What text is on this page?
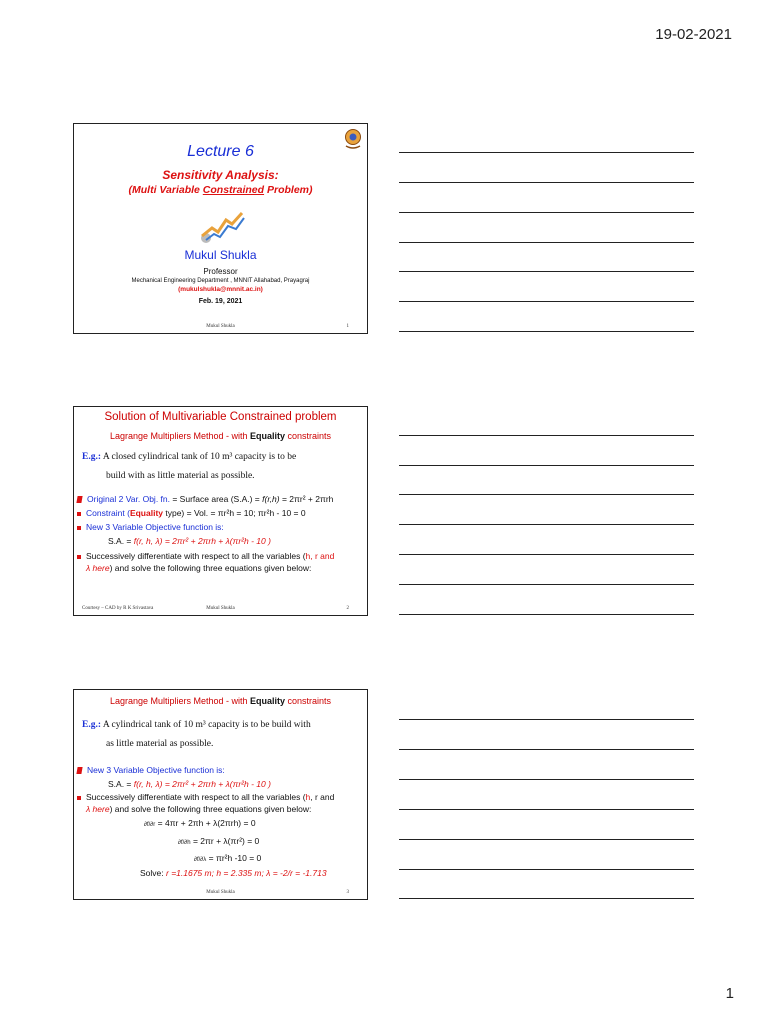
19-02-2021
Lecture 6
Sensitivity Analysis:
(Multi Variable Constrained Problem)
Mukul Shukla
Professor
Mechanical Engineering Department , MNNIT Allahabad, Prayagraj
(mukulshukla@mnnit.ac.in)
Feb. 19, 2021
Mukul Shukla	1
Solution of Multivariable Constrained problem
Lagrange Multipliers Method - with Equality constraints
E.g.: A closed cylindrical tank of 10 m³ capacity is to be
build with as little material as possible.
Original 2 Var. Obj. fn. = Surface area (S.A.) = f(r,h) = 2πr² + 2πrh
Constraint (Equality type) = Vol. = πr²h = 10; πr²h - 10 = 0
New 3 Variable Objective function is:
S.A. = f(r, h, λ) = 2πr² + 2πrh + λ(πr²h - 10 )
Successively differentiate with respect to all the variables (h, r and
λ here) and solve the following three equations given below:
Courtesy – CAD by R K Srivastava	Mukul Shukla	2
Lagrange Multipliers Method - with Equality constraints
E.g.: A cylindrical tank of 10 m³ capacity is to be build with
as little material as possible.
New 3 Variable Objective function is:
S.A. = f(r, h, λ) = 2πr² + 2πrh + λ(πr²h - 10 )
Successively differentiate with respect to all the variables (h, r and
λ here) and solve the following three equations given below:
∂f/∂r = 4πr + 2πh + λ(2πrh) = 0
∂f/∂h = 2πr + λ(πr²) = 0
∂f/∂λ = πr²h -10 = 0
Solve: r =1.1675 m; h = 2.335 m; λ = -2/r = -1.713
Mukul Shukla	3
1
